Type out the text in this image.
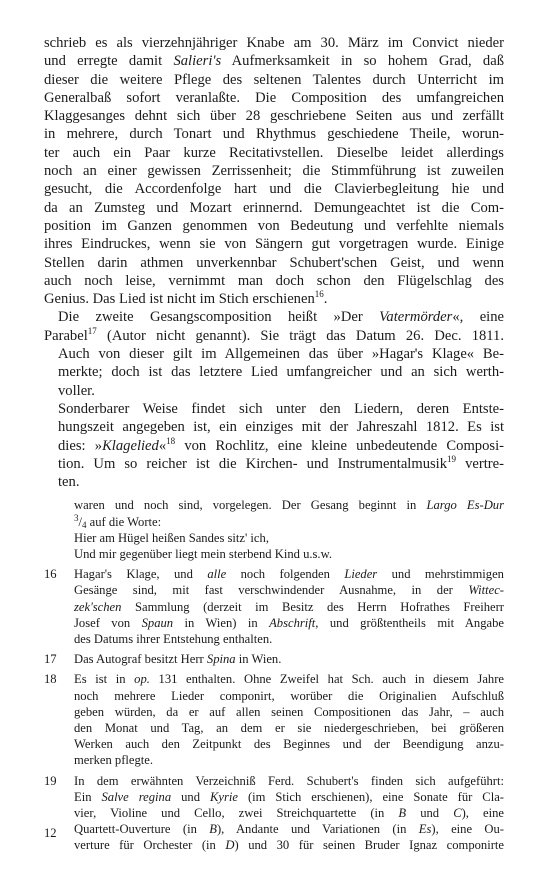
schrieb es als vierzehnjähriger Knabe am 30. März im Convict nieder
und erregte damit Salieri's Aufmerksamkeit in so hohem Grad, daß
dieser die weitere Pflege des seltenen Talentes durch Unterricht im
Generalbaß sofort veranlaßte. Die Composition des umfangreichen
Klaggesanges dehnt sich über 28 geschriebene Seiten aus und zerfällt
in mehrere, durch Tonart und Rhythmus geschiedene Theile, worun-
ter auch ein Paar kurze Recitativstellen. Dieselbe leidet allerdings
noch an einer gewissen Zerrissenheit; die Stimmführung ist zuweilen
gesucht, die Accordenfolge hart und die Clavierbegleitung hie und
da an Zumsteg und Mozart erinnernd. Demungeachtet ist die Com-
position im Ganzen genommen von Bedeutung und verfehlte niemals
ihres Eindruckes, wenn sie von Sängern gut vorgetragen wurde. Einige
Stellen darin athmen unverkennbar Schubert'schen Geist, und wenn
auch noch leise, vernimmt man doch schon den Flügelschlag des
Genius. Das Lied ist nicht im Stich erschienen$^{16}$.

Die zweite Gesangscomposition heißt »Der Vatermörder«, eine
Parabel$^{17}$ (Autor nicht genannt). Sie trägt das Datum 26. Dec. 1811.
Auch von dieser gilt im Allgemeinen das über »Hagar's Klage« Be-
merkte; doch ist das letztere Lied umfangreicher und an sich werth-
voller.

Sonderbarer Weise findet sich unter den Liedern, deren Entste-
hungszeit angegeben ist, ein einziges mit der Jahreszahl 1812. Es ist
dies: »Klagelied«$^{18}$ von Rochlitz, eine kleine unbedeutende Composi-
tion. Um so reicher ist die Kirchen- und Instrumentalmusik$^{19}$ vertre-
ten.

waren und noch sind, vorgelegen. Der Gesang beginnt in Largo Es-Dur
$^3/_4$ auf die Worte:
Hier am Hügel heißen Sandes sitz' ich,
Und mir gegenüber liegt mein sterbend Kind u.s.w.
16	Hagar's Klage, und alle noch folgenden Lieder und mehrstimmigen
Gesänge sind, mit fast verschwindender Ausnahme, in der Wittec-
zek'schen Sammlung (derzeit im Besitz des Herrn Hofrathes Freiherr
Josef von Spaun in Wien) in Abschrift, und größtentheils mit Angabe
des Datums ihrer Entstehung enthalten.
17	Das Autograf besitzt Herr Spina in Wien.
18	Es ist in op. 131 enthalten. Ohne Zweifel hat Sch. auch in diesem Jahre
noch mehrere Lieder componirt, worüber die Originalien Aufschluß
geben würden, da er auf allen seinen Compositionen das Jahr, – auch
den Monat und Tag, an dem er sie niedergeschrieben, bei größeren
Werken auch den Zeitpunkt des Beginnes und der Beendigung anzu-
merken pflegte.
19	In dem erwähnten Verzeichniß Ferd. Schubert's finden sich aufgeführt:
Ein Salve regina und Kyrie (im Stich erschienen), eine Sonate für Cla-
vier, Violine und Cello, zwei Streichquartette (in B und C), eine
Quartett-Ouverture (in B), Andante und Variationen (in Es), eine Ou-
verture für Orchester (in D) und 30 für seinen Bruder Ignaz componirte
12
